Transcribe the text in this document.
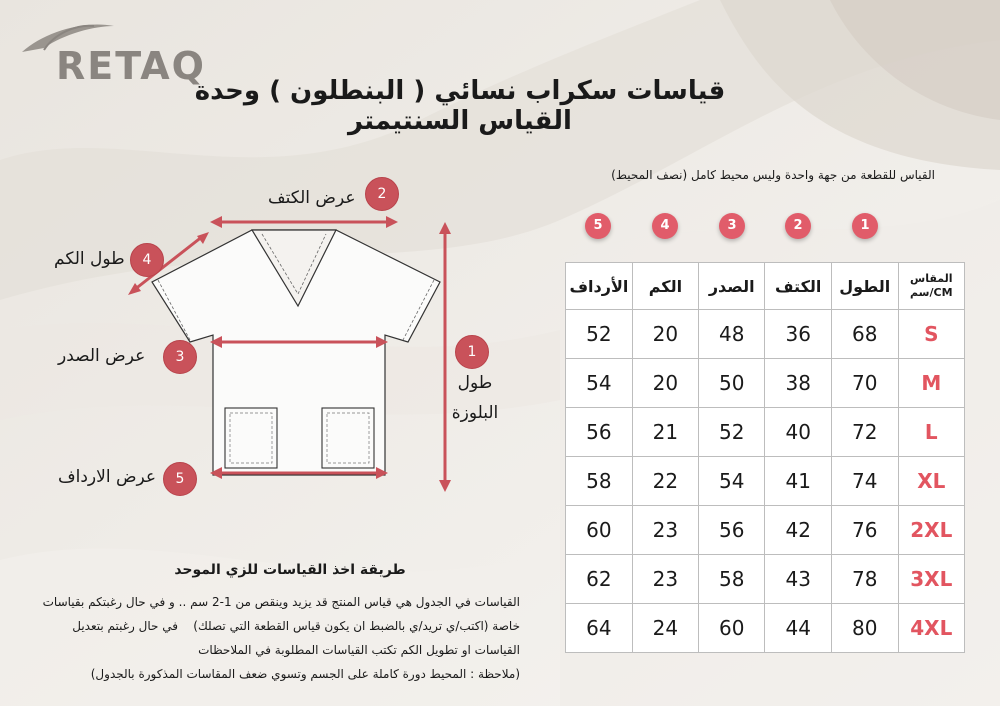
RETAQ
قياسات سكراب نسائي ( البنطلون ) وحدة القياس السنتيمتر
1
طول
البلوزة
2
عرض الكتف
3
عرض الصدر
4
طول الكم
5
عرض الارداف
القياس للقطعة من جهة واحدة وليس محيط كامل (نصف المحيط)
5	4	3	2	1
الأرداف	الكم	الصدر	الكتف	الطول	المقاس
CM/سم
52	20	48	36	68	S
54	20	50	38	70	M
56	21	52	40	72	L
58	22	54	41	74	XL
60	23	56	42	76	2XL
62	23	58	43	78	3XL
64	24	60	44	80	4XL
طريقة اخذ القياسات للزي الموحد
القياسات في الجدول هي قياس المنتج قد يزيد وينقص من 1-2 سم .. و في حال رغبتكم بقياسات
خاصة (اكتب/ي تريد/ي بالضبط ان يكون قياس القطعة التي تصلك)    في حال رغبتم بتعديل
القياسات او تطويل الكم تكتب القياسات المطلوبة في الملاحظات
(ملاحظة : المحيط دورة كاملة على الجسم وتسوي ضعف المقاسات المذكورة بالجدول)
